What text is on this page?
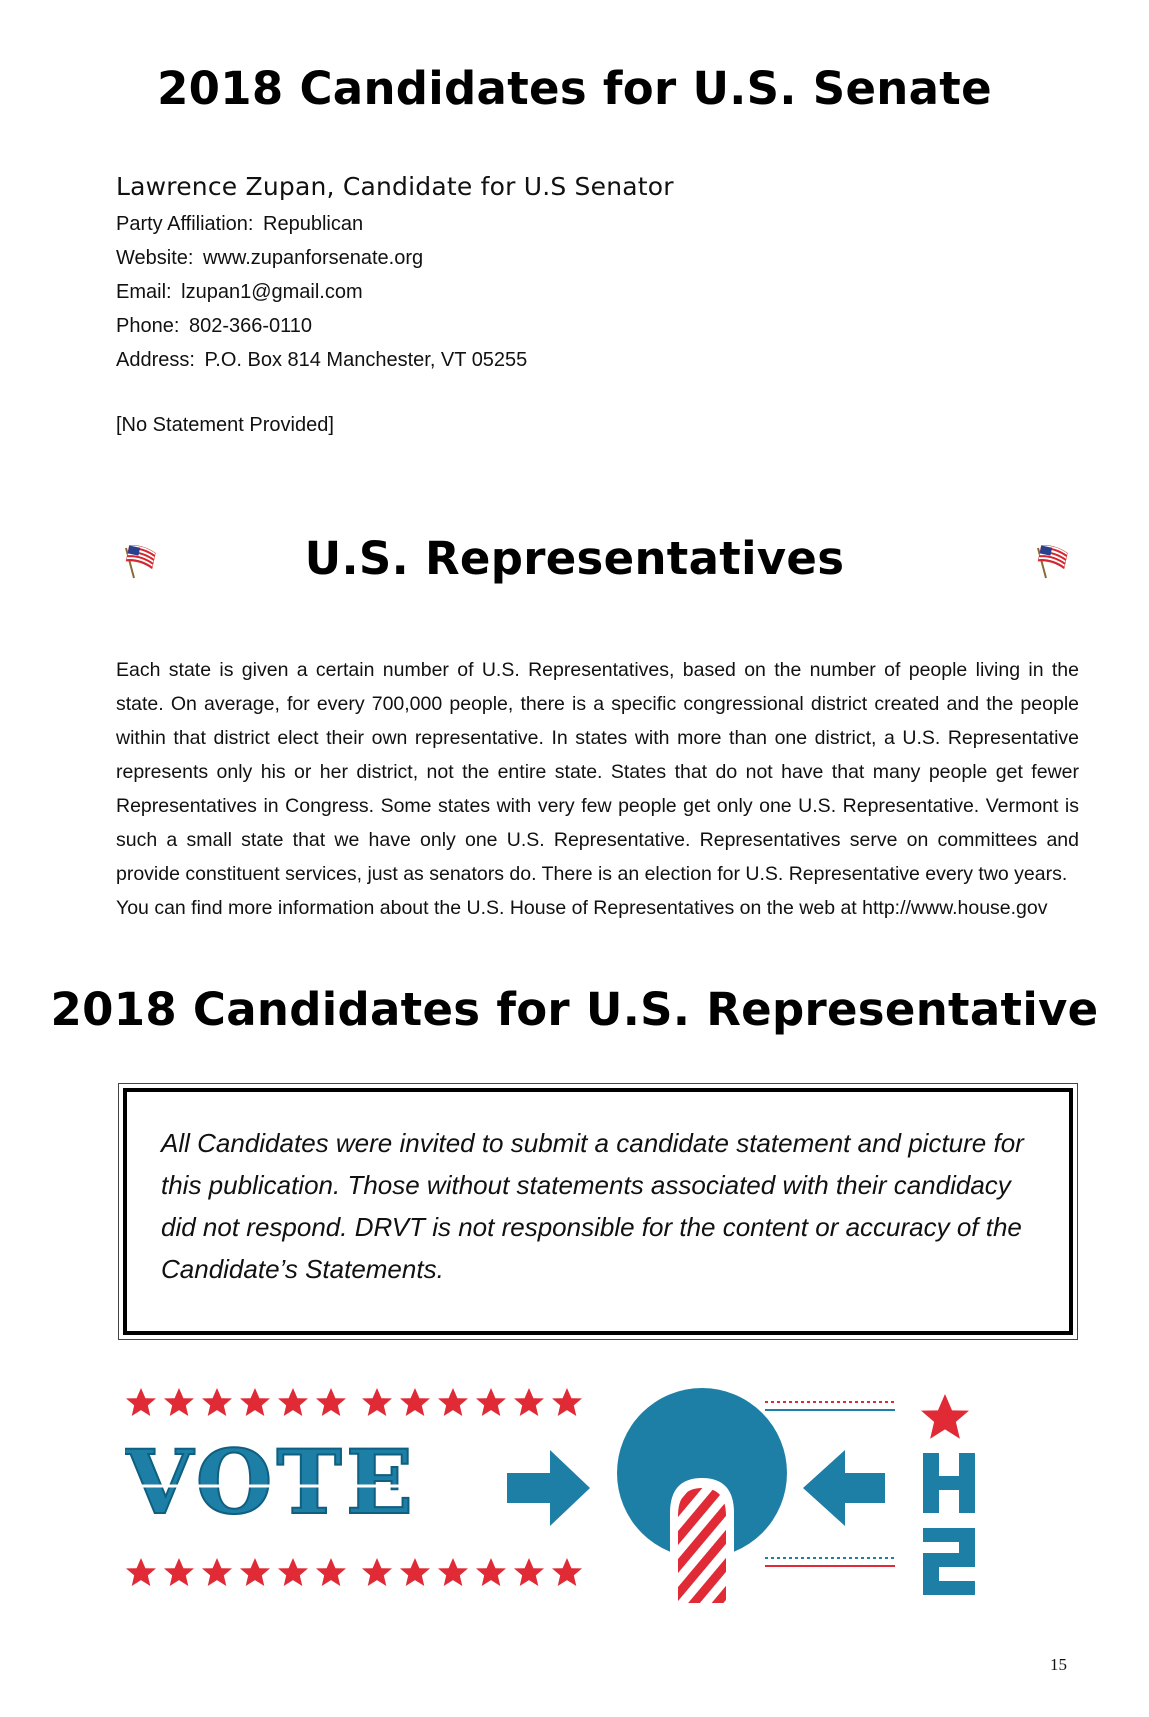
2018 Candidates for U.S. Senate
Lawrence Zupan, Candidate for U.S Senator
Party Affiliation: Republican
Website: www.zupanforsenate.org
Email: lzupan1@gmail.com
Phone: 802-366-0110
Address: P.O. Box 814 Manchester, VT 05255
[No Statement Provided]
U.S. Representatives
Each state is given a certain number of U.S. Representatives, based on the number of people living in the state. On average, for every 700,000 people, there is a specific congressional district created and the people within that district elect their own representative. In states with more than one district, a U.S. Representative represents only his or her district, not the entire state. States that do not have that many people get fewer Representatives in Congress. Some states with very few people get only one U.S. Representative. Vermont is such a small state that we have only one U.S. Representative. Representatives serve on committees and provide constituent services, just as senators do. There is an election for U.S. Representative every two years.
You can find more information about the U.S. House of Representatives on the web at http://www.house.gov
2018 Candidates for U.S. Representative

All Candidates were invited to submit a candidate statement and picture for this publication. Those without statements associated with their candidacy did not respond. DRVT is not responsible for the content or accuracy of the Candidate’s Statements.

VOTE
15
